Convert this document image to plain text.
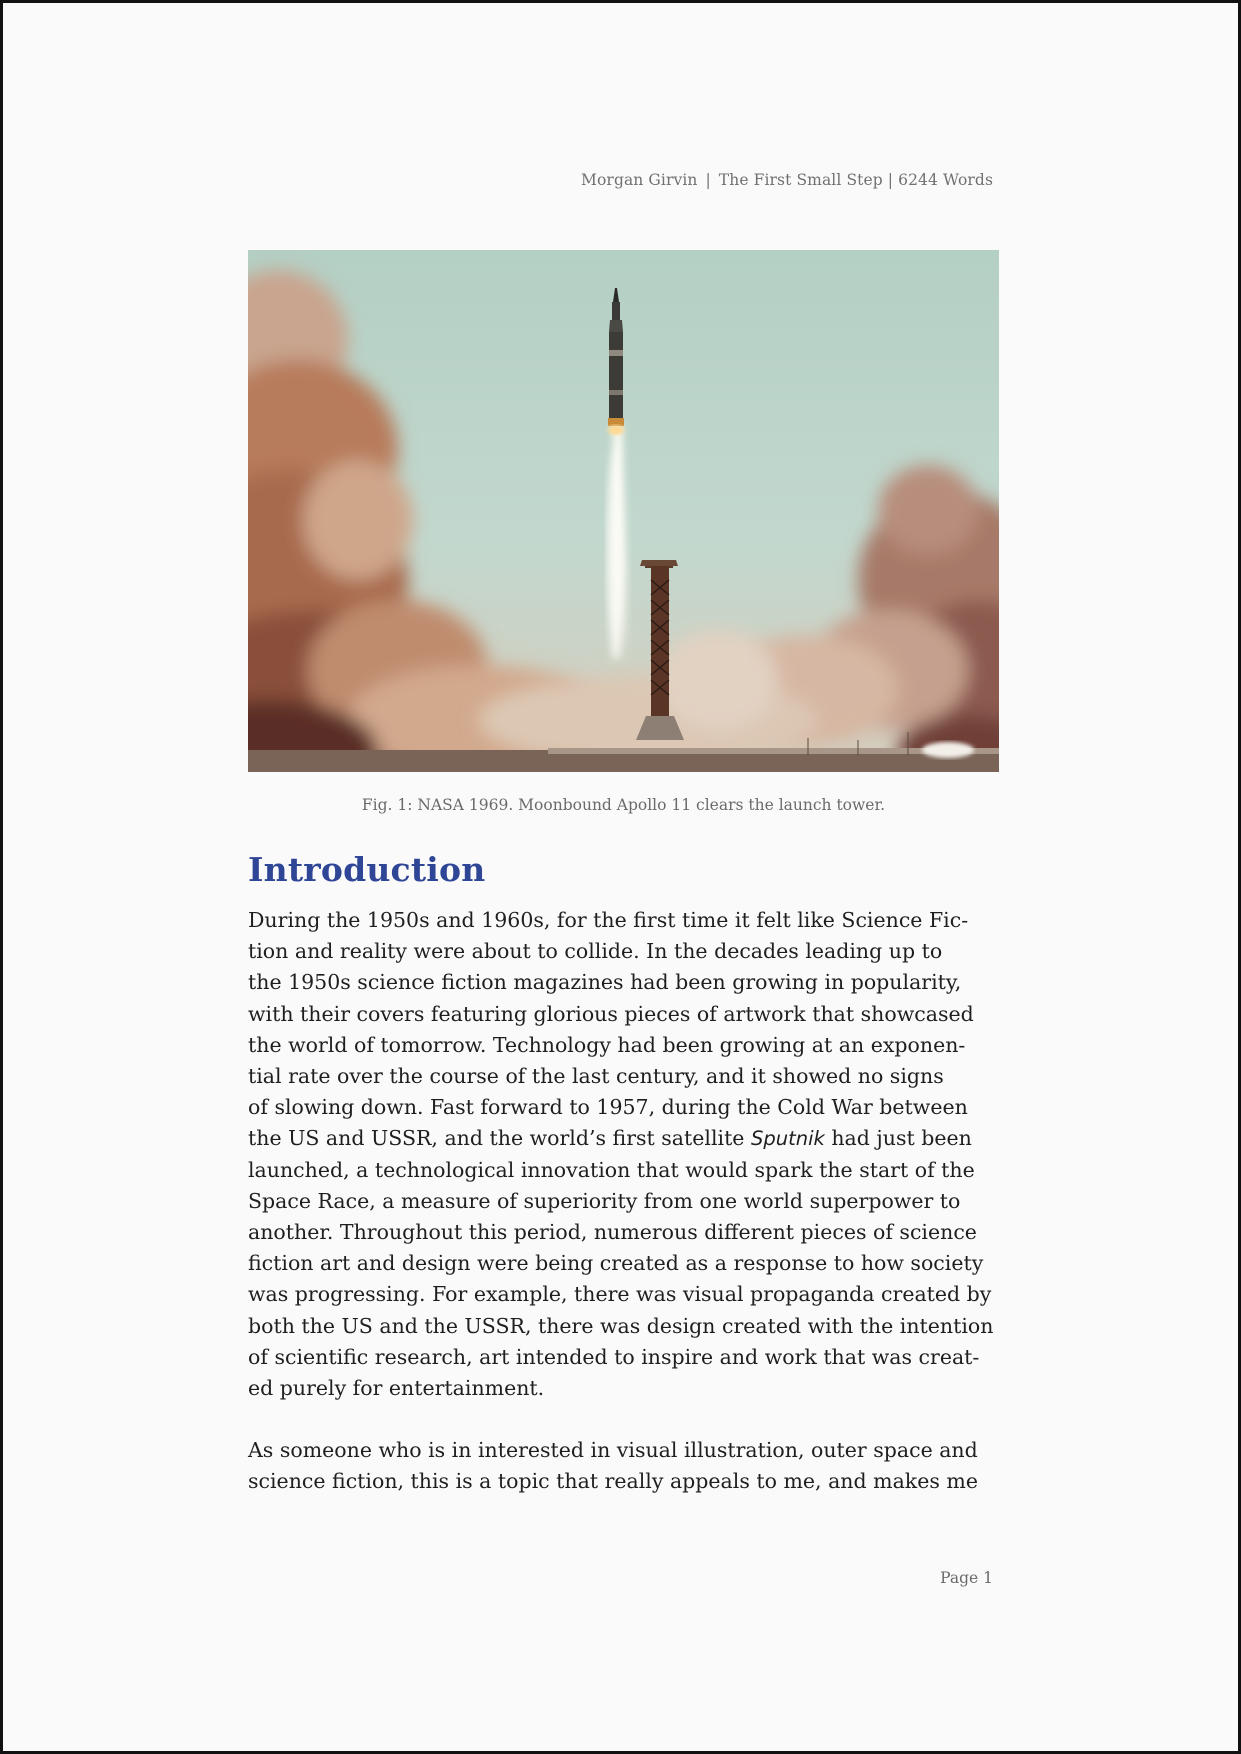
Morgan Girvin | The First Small Step | 6244 Words
Fig. 1: NASA 1969. Moonbound Apollo 11 clears the launch tower.
Introduction

During the 1950s and 1960s, for the first time it felt like Science Fic-
tion and reality were about to collide. In the decades leading up to
the 1950s science fiction magazines had been growing in popularity,
with their covers featuring glorious pieces of artwork that showcased
the world of tomorrow. Technology had been growing at an exponen-
tial rate over the course of the last century, and it showed no signs
of slowing down. Fast forward to 1957, during the Cold War between
the US and USSR, and the world’s first satellite Sputnik had just been
launched, a technological innovation that would spark the start of the
Space Race, a measure of superiority from one world superpower to
another. Throughout this period, numerous different pieces of science
fiction art and design were being created as a response to how society
was progressing. For example, there was visual propaganda created by
both the US and the USSR, there was design created with the intention
of scientific research, art intended to inspire and work that was creat-
ed purely for entertainment.

As someone who is in interested in visual illustration, outer space and
science fiction, this is a topic that really appeals to me, and makes me

Page 1
